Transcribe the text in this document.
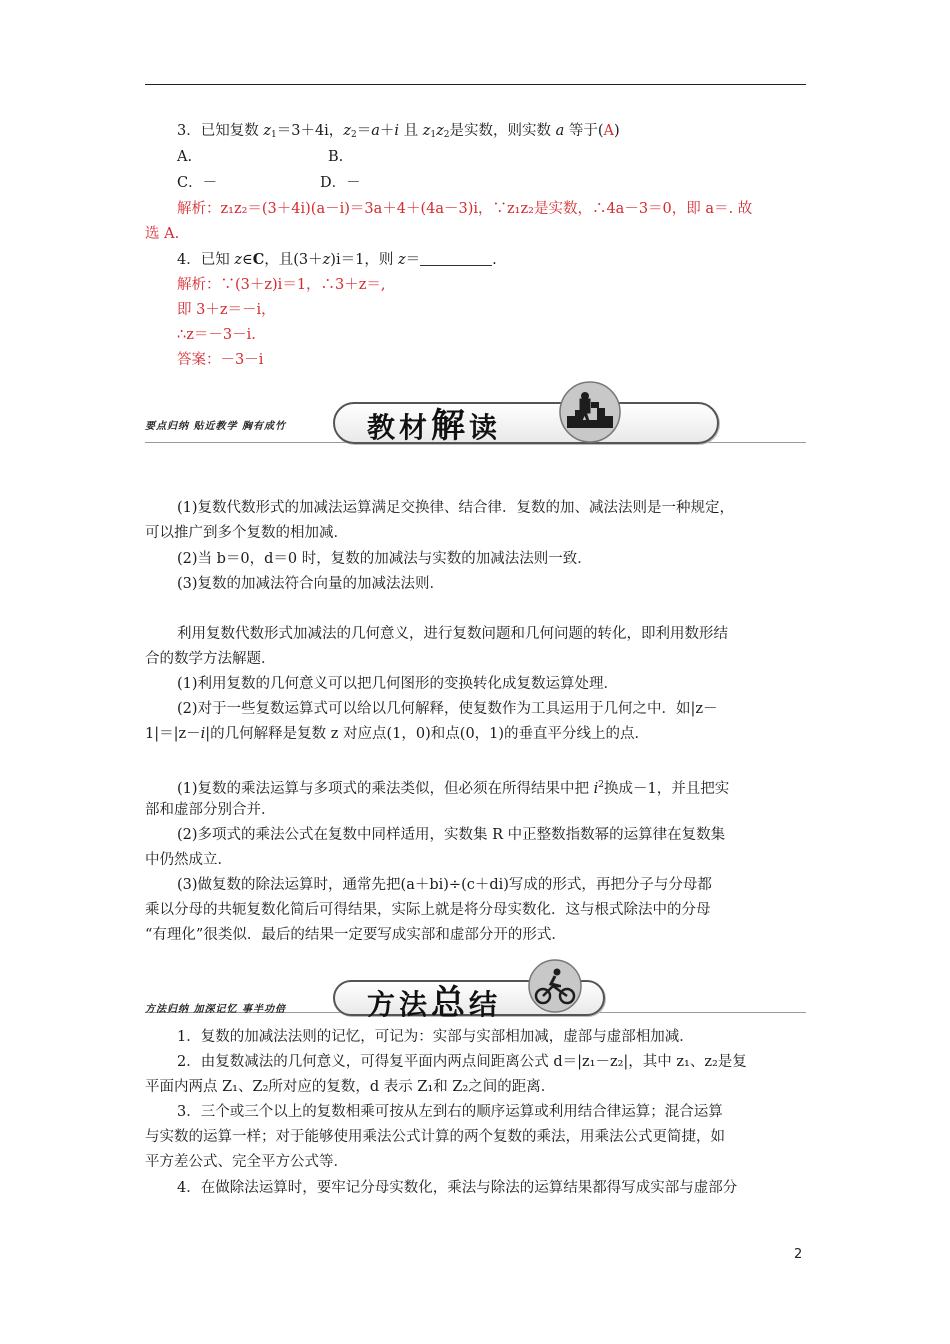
3．已知复数 $z_1=3+4i$，$z_2=a+i$ 且 $z_1z_2$是实数，则实数 a 等于(A)
A.	B.
C．－	D．－
解析：z₁z₂＝(3＋4i)(a－i)＝3a＋4＋(4a－3)i，∵z₁z₂是实数，∴4a－3＝0，即 a＝. 故
选 A.
4．已知 z∈C，且(3＋z)i＝1，则 z＝	.
解析：∵(3＋z)i＝1，∴3＋z＝,
即 3＋z＝－i，
∴z＝－3－i.
答案：－3－i
要点归纳 贴近教学 胸有成竹	教材解读
(1)复数代数形式的加减法运算满足交换律、结合律．复数的加、减法法则是一种规定，
可以推广到多个复数的相加减．
(2)当 b＝0，d＝0 时，复数的加减法与实数的加减法法则一致．
(3)复数的加减法符合向量的加减法法则．
利用复数代数形式加减法的几何意义，进行复数问题和几何问题的转化，即利用数形结
合的数学方法解题．
(1)利用复数的几何意义可以把几何图形的变换转化成复数运算处理．
(2)对于一些复数运算式可以给以几何解释，使复数作为工具运用于几何之中．如|z－
1|＝|z－i|的几何解释是复数 z 对应点(1，0)和点(0，1)的垂直平分线上的点．
(1)复数的乘法运算与多项式的乘法类似，但必须在所得结果中把 $i^2$换成－1，并且把实
部和虚部分别合并．
(2)多项式的乘法公式在复数中同样适用，实数集 R 中正整数指数幂的运算律在复数集
中仍然成立．
(3)做复数的除法运算时，通常先把(a＋bi)÷(c＋di)写成的形式，再把分子与分母都
乘以分母的共轭复数化简后可得结果，实际上就是将分母实数化．这与根式除法中的分母
“有理化”很类似．最后的结果一定要写成实部和虚部分开的形式．
方法归纳 加深记忆 事半功倍	方法总结
1．复数的加减法法则的记忆，可记为：实部与实部相加减，虚部与虚部相加减．
2．由复数减法的几何意义，可得复平面内两点间距离公式 d＝|z₁－z₂|，其中 z₁、z₂是复
平面内两点 Z₁、Z₂所对应的复数，d 表示 Z₁和 Z₂之间的距离．
3．三个或三个以上的复数相乘可按从左到右的顺序运算或利用结合律运算；混合运算
与实数的运算一样；对于能够使用乘法公式计算的两个复数的乘法，用乘法公式更简捷，如
平方差公式、完全平方公式等．
4．在做除法运算时，要牢记分母实数化，乘法与除法的运算结果都得写成实部与虚部分
2
